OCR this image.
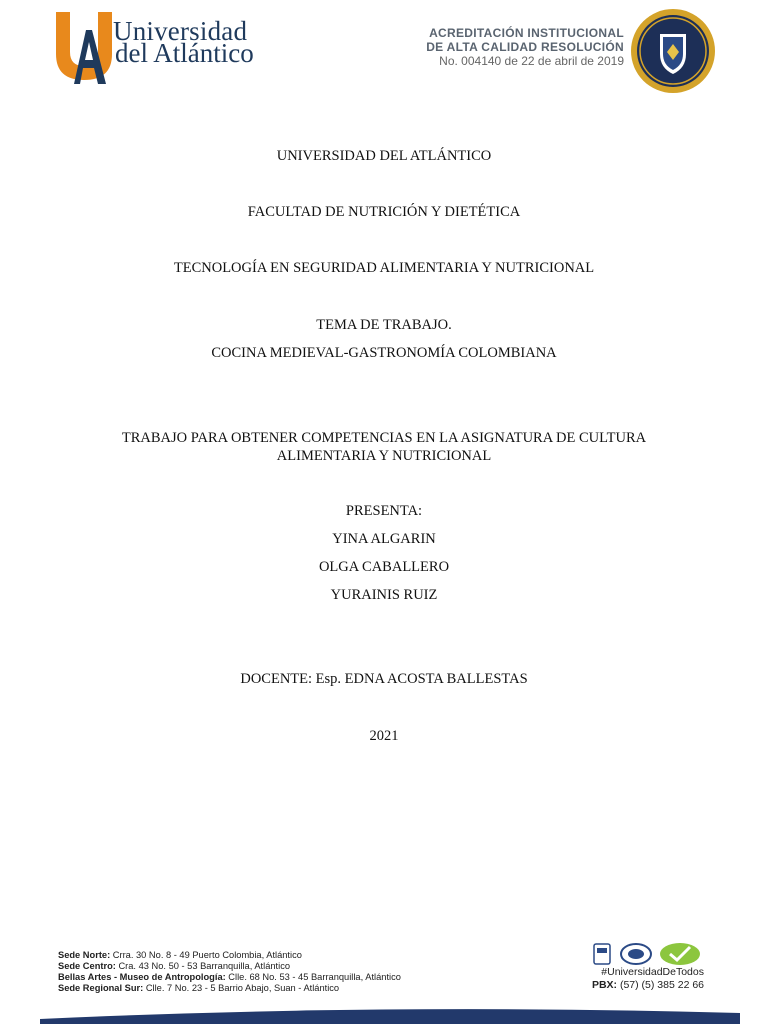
Universidad
del Atlántico
ACREDITACIÓN INSTITUCIONAL
DE ALTA CALIDAD RESOLUCIÓN
No. 004140 de 22 de abril de 2019
UNIVERSIDAD DEL ATLÁNTICO
FACULTAD DE NUTRICIÓN Y DIETÉTICA
TECNOLOGÍA EN SEGURIDAD ALIMENTARIA Y NUTRICIONAL
TEMA DE TRABAJO.
COCINA MEDIEVAL-GASTRONOMÍA COLOMBIANA
TRABAJO PARA OBTENER COMPETENCIAS EN LA ASIGNATURA DE CULTURA ALIMENTARIA Y NUTRICIONAL
PRESENTA:
YINA ALGARIN
OLGA CABALLERO
YURAINIS RUIZ
DOCENTE: Esp. EDNA ACOSTA BALLESTAS
2021
Sede Norte: Crra. 30 No. 8 - 49 Puerto Colombia, Atlántico
Sede Centro: Cra. 43 No. 50 - 53 Barranquilla, Atlántico
Bellas Artes - Museo de Antropología: Clle. 68 No. 53 - 45 Barranquilla, Atlántico
Sede Regional Sur: Clle. 7 No. 23 - 5 Barrio Abajo, Suan - Atlántico
#UniversidadDeTodos
PBX: (57) (5) 385 22 66
